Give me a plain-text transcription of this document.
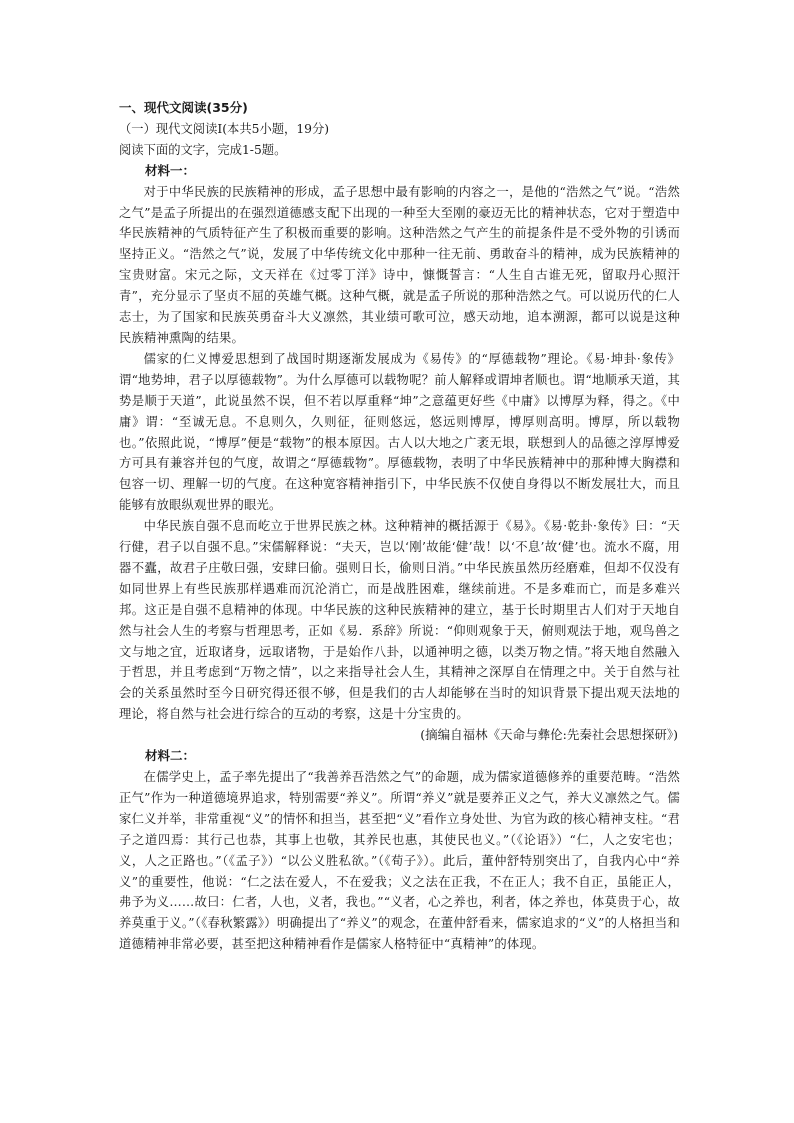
一、现代文阅读(35分)

（一）现代文阅读Ⅰ(本共5小题，19分)

阅读下面的文字，完成1-5题。

材料一：

对于中华民族的民族精神的形成，孟子思想中最有影响的内容之一，是他的“浩然之气”说。“浩然之气”是孟子所提出的在强烈道德感支配下出现的一种至大至刚的豪迈无比的精神状态，它对于塑造中华民族精神的气质特征产生了积极而重要的影响。这种浩然之气产生的前提条件是不受外物的引诱而坚持正义。“浩然之气”说，发展了中华传统文化中那种一往无前、勇敢奋斗的精神，成为民族精神的宝贵财富。宋元之际，文天祥在《过零丁洋》诗中，慷慨誓言：“人生自古谁无死，留取丹心照汗青”，充分显示了坚贞不屈的英雄气概。这种气概，就是孟子所说的那种浩然之气。可以说历代的仁人志士，为了国家和民族英勇奋斗大义凛然，其业绩可歌可泣，感天动地，追本溯源，都可以说是这种民族精神熏陶的结果。

儒家的仁义博爱思想到了战国时期逐渐发展成为《易传》的“厚德载物”理论。《易·坤卦·象传》谓“地势坤，君子以厚德载物”。为什么厚德可以载物呢？前人解释或谓坤者顺也。谓“地顺承天道，其势是顺于天道”，此说虽然不误，但不若以厚重释“坤”之意蕴更好些《中庸》以博厚为释，得之。《中庸》谓：“至诚无息。不息则久，久则征，征则悠远，悠远则博厚，博厚则高明。博厚，所以载物也。”依照此说，“博厚”便是“载物”的根本原因。古人以大地之广袤无垠，联想到人的品德之淳厚博爱方可具有兼容并包的气度，故谓之“厚德载物”。厚德载物，表明了中华民族精神中的那种博大胸襟和包容一切、理解一切的气度。在这种宽容精神指引下，中华民族不仅使自身得以不断发展壮大，而且能够有放眼纵观世界的眼光。

中华民族自强不息而屹立于世界民族之林。这种精神的概括源于《易》。《易·乾卦·象传》曰：“天行健，君子以自强不息。”宋儒解释说：“夫天，岂以‘刚’故能‘健’哉！以‘不息’故‘健’也。流水不腐，用器不蠹，故君子庄敬曰强，安肆曰偷。强则日长，偷则日消。”中华民族虽然历经磨难，但却不仅没有如同世界上有些民族那样遇难而沉沦消亡，而是战胜困难，继续前进。不是多难而亡，而是多难兴邦。这正是自强不息精神的体现。中华民族的这种民族精神的建立，基于长时期里古人们对于天地自然与社会人生的考察与哲理思考，正如《易．系辞》所说：“仰则观象于天，俯则观法于地，观鸟兽之文与地之宜，近取诸身，远取诸物，于是始作八卦，以通神明之德，以类万物之情。”将天地自然融入于哲思，并且考虑到“万物之情”，以之来指导社会人生，其精神之深厚自在情理之中。关于自然与社会的关系虽然时至今日研究得还很不够，但是我们的古人却能够在当时的知识背景下提出观天法地的理论，将自然与社会进行综合的互动的考察，这是十分宝贵的。

(摘编自福林《天命与彝伦:先秦社会思想探研》)

材料二：

在儒学史上，孟子率先提出了“我善养吾浩然之气”的命题，成为儒家道德修养的重要范畴。“浩然正气”作为一种道德境界追求，特别需要“养义”。所谓“养义”就是要养正义之气，养大义凛然之气。儒家仁义并举，非常重视“义”的情怀和担当，甚至把“义”看作立身处世、为官为政的核心精神支柱。“君子之道四焉：其行己也恭，其事上也敬，其养民也惠，其使民也义。”（《论语》）“仁，人之安宅也；义，人之正路也。”（《孟子》）“以公义胜私欲。”（《荀子》）。此后，董仲舒特别突出了，自我内心中“养义”的重要性，他说：“仁之法在爱人，不在爱我；义之法在正我，不在正人；我不自正，虽能正人，弗予为义……故曰：仁者，人也，义者，我也。”“义者，心之养也，利者，体之养也，体莫贵于心，故养莫重于义。”（《春秋繁露》）明确提出了“养义”的观念，在董仲舒看来，儒家追求的“义”的人格担当和道德精神非常必要，甚至把这种精神看作是儒家人格特征中“真精神”的体现。
